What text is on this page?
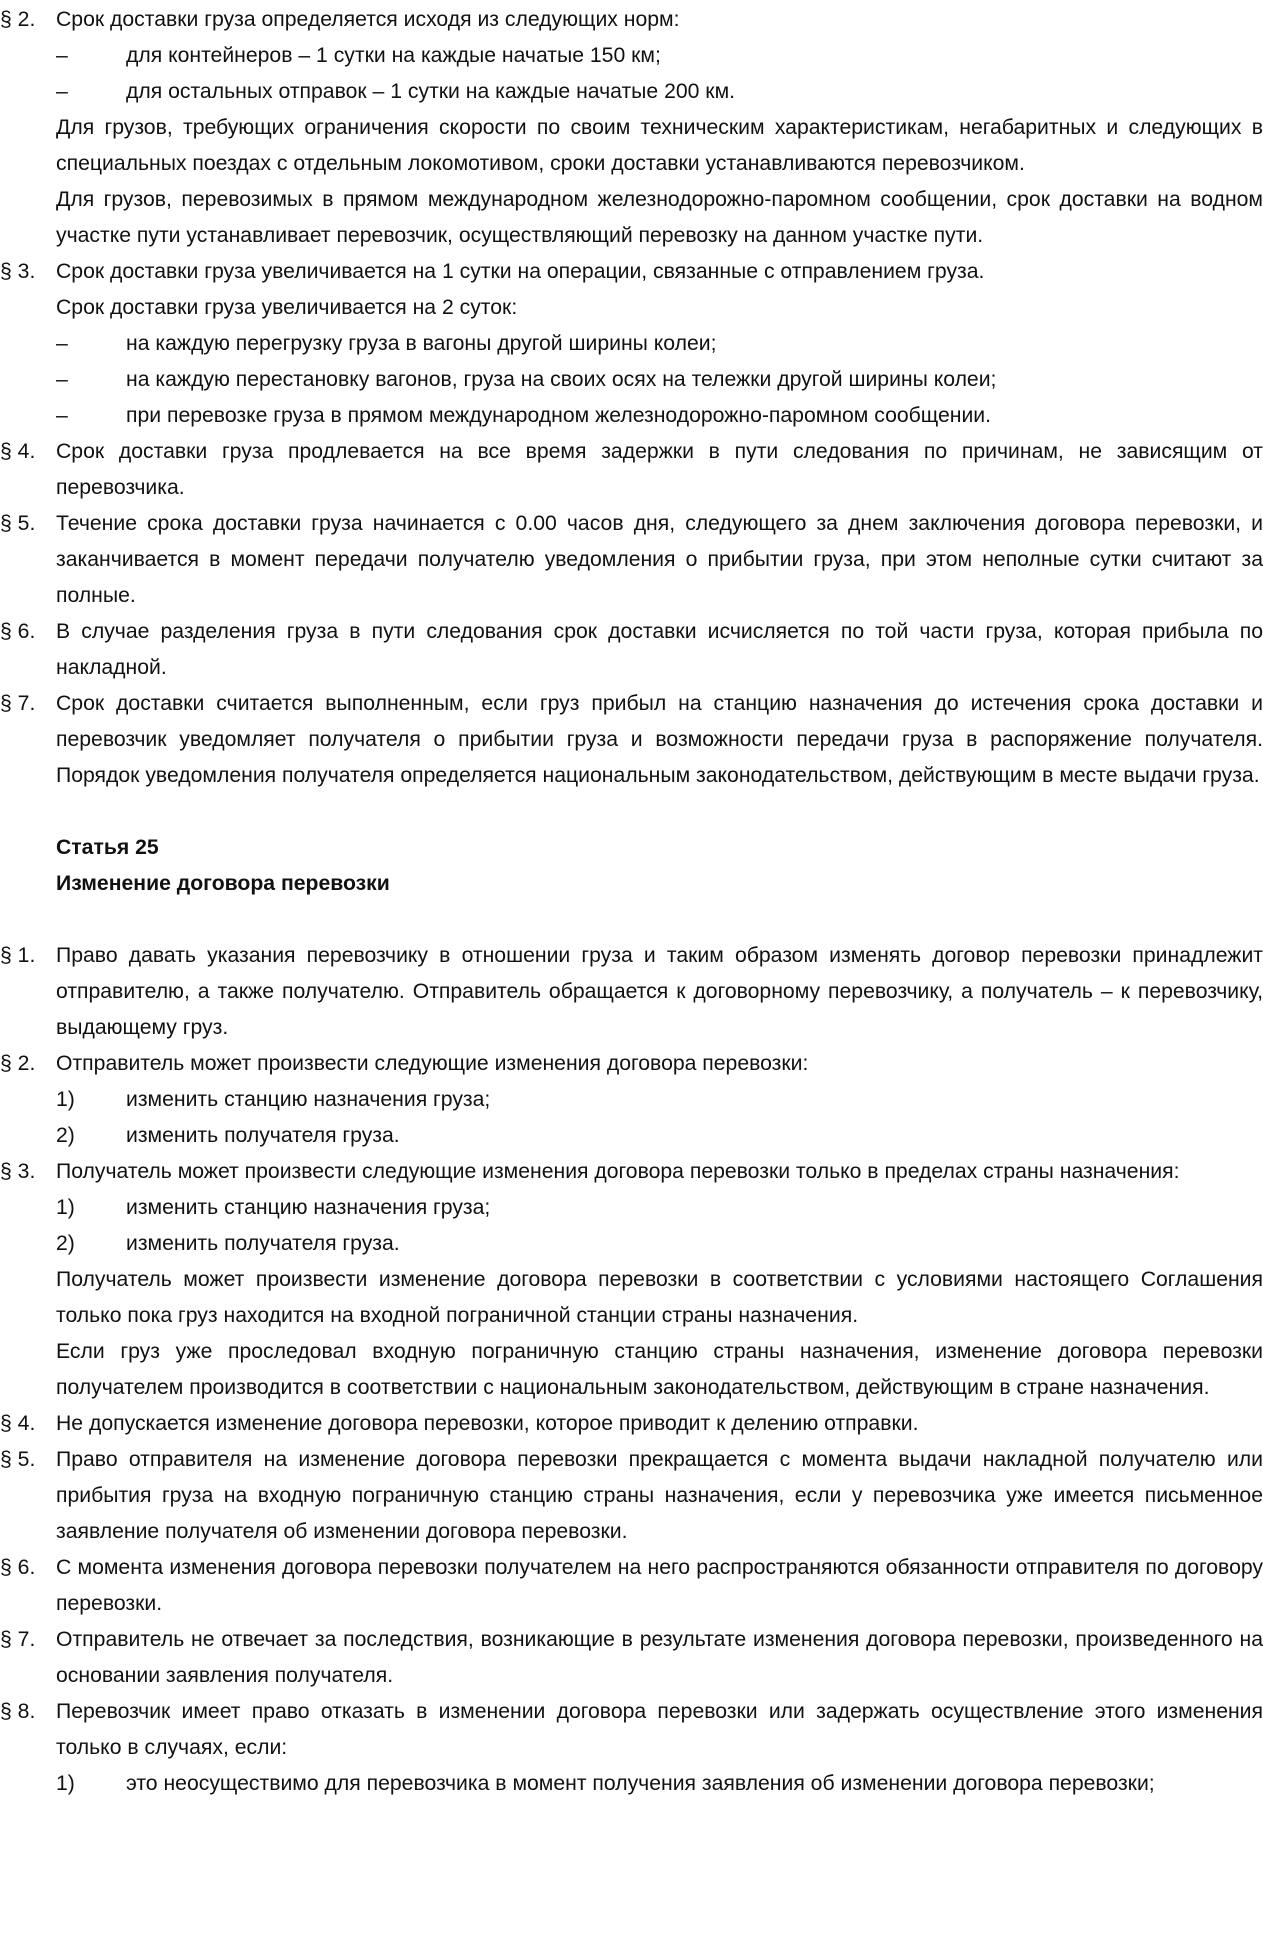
§ 2. Срок доставки груза определяется исходя из следующих норм:
–	для контейнеров – 1 сутки на каждые начатые 150 км;
–	для остальных отправок – 1 сутки на каждые начатые 200 км.
Для грузов, требующих ограничения скорости по своим техническим характеристикам, негабаритных и следующих в специальных поездах с отдельным локомотивом, сроки доставки устанавливаются перевозчиком.
Для грузов, перевозимых в прямом международном железнодорожно-паромном сообщении, срок доставки на водном участке пути устанавливает перевозчик, осуществляющий перевозку на данном участке пути.
§ 3. Срок доставки груза увеличивается на 1 сутки на операции, связанные с отправлением груза.
Срок доставки груза увеличивается на 2 суток:
–	на каждую перегрузку груза в вагоны другой ширины колеи;
–	на каждую перестановку вагонов, груза на своих осях на тележки другой ширины колеи;
–	при перевозке груза в прямом международном железнодорожно-паромном сообщении.
§ 4. Срок доставки груза продлевается на все время задержки в пути следования по причинам, не зависящим от перевозчика.
§ 5. Течение срока доставки груза начинается с 0.00 часов дня, следующего за днем заключения договора перевозки, и заканчивается в момент передачи получателю уведомления о прибытии груза, при этом неполные сутки считают за полные.
§ 6. В случае разделения груза в пути следования срок доставки исчисляется по той части груза, которая прибыла по накладной.
§ 7. Срок доставки считается выполненным, если груз прибыл на станцию назначения до истечения срока доставки и перевозчик уведомляет получателя о прибытии груза и возможности передачи груза в распоряжение получателя. Порядок уведомления получателя определяется национальным законодательством, действующим в месте выдачи груза.
Статья 25
Изменение договора перевозки
§ 1. Право давать указания перевозчику в отношении груза и таким образом изменять договор перевозки принадлежит отправителю, а также получателю. Отправитель обращается к договорному перевозчику, а получатель – к перевозчику, выдающему груз.
§ 2. Отправитель может произвести следующие изменения договора перевозки:
1)	изменить станцию назначения груза;
2)	изменить получателя груза.
§ 3. Получатель может произвести следующие изменения договора перевозки только в пределах страны назначения:
1)	изменить станцию назначения груза;
2)	изменить получателя груза.
Получатель может произвести изменение договора перевозки в соответствии с условиями настоящего Соглашения только пока груз находится на входной пограничной станции страны назначения.
Если груз уже проследовал входную пограничную станцию страны назначения, изменение договора перевозки получателем производится в соответствии с национальным законодательством, действующим в стране назначения.
§ 4. Не допускается изменение договора перевозки, которое приводит к делению отправки.
§ 5. Право отправителя на изменение договора перевозки прекращается с момента выдачи накладной получателю или прибытия груза на входную пограничную станцию страны назначения, если у перевозчика уже имеется письменное заявление получателя об изменении договора перевозки.
§ 6. С момента изменения договора перевозки получателем на него распространяются обязанности отправителя по договору перевозки.
§ 7. Отправитель не отвечает за последствия, возникающие в результате изменения договора перевозки, произведенного на основании заявления получателя.
§ 8. Перевозчик имеет право отказать в изменении договора перевозки или задержать осуществление этого изменения только в случаях, если:
1)	это неосуществимо для перевозчика в момент получения заявления об изменении договора перевозки;
